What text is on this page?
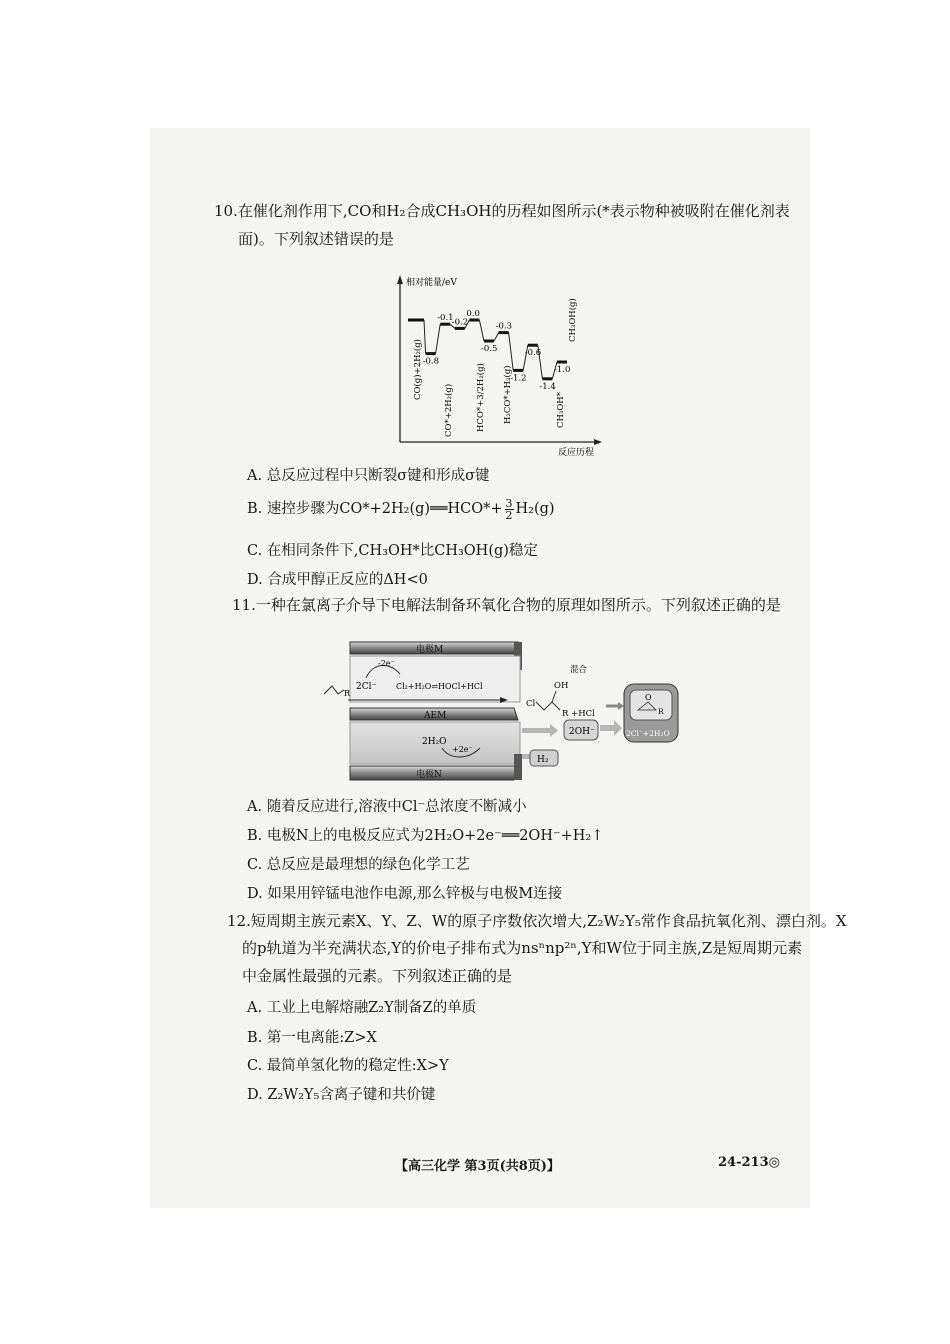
10.在催化剂作用下,CO和H₂合成CH₃OH的历程如图所示(*表示物种被吸附在催化剂表
面)。下列叙述错误的是
相对能量/eV
反应历程
-0.8
-0.1
-0.2
0.0
-0.5
-0.3
-1.2
-0.6
-1.4
-1.0
CO(g)+2H₂(g)
CO*+2H₂(g)	HCO*+3/2H₂(g) H₂CO*+H₂(g)	CH₃OH*
CH₃OH(g)
A. 总反应过程中只断裂σ键和形成σ键
B. 速控步骤为CO*+2H₂(g)══HCO*+ $\frac{3}{2} H_2(g)$
C. 在相同条件下,CH₃OH*比CH₃OH(g)稳定
D. 合成甲醇正反应的ΔH<0
11.一种在氯离子介导下电解法制备环氧化合物的原理如图所示。下列叙述正确的是
电极M
2Cl⁻
-2e⁻
Cl₂+H₂O⇌HOCl+HCl
R
AEM
2H₂O
+2e⁻
电极N
2OH⁻
H₂
混合
OH
Cl
R +HCl
O
R
2Cl⁻+2H₂O
A. 随着反应进行,溶液中Cl⁻总浓度不断减小
B. 电极N上的电极反应式为2H₂O+2e⁻══2OH⁻+H₂↑
C. 总反应是最理想的绿色化学工艺
D. 如果用锌锰电池作电源,那么锌极与电极M连接
12.短周期主族元素X、Y、Z、W的原子序数依次增大,Z₂W₂Y₅常作食品抗氧化剂、漂白剂。X
的p轨道为半充满状态,Y的价电子排布式为nsⁿnp²ⁿ,Y和W位于同主族,Z是短周期元素
中金属性最强的元素。下列叙述正确的是
A. 工业上电解熔融Z₂Y制备Z的单质
B. 第一电离能:Z>X
C. 最简单氢化物的稳定性:X>Y
D. Z₂W₂Y₅含离子键和共价键
【高三化学 第3页(共8页)】	24-213◎
